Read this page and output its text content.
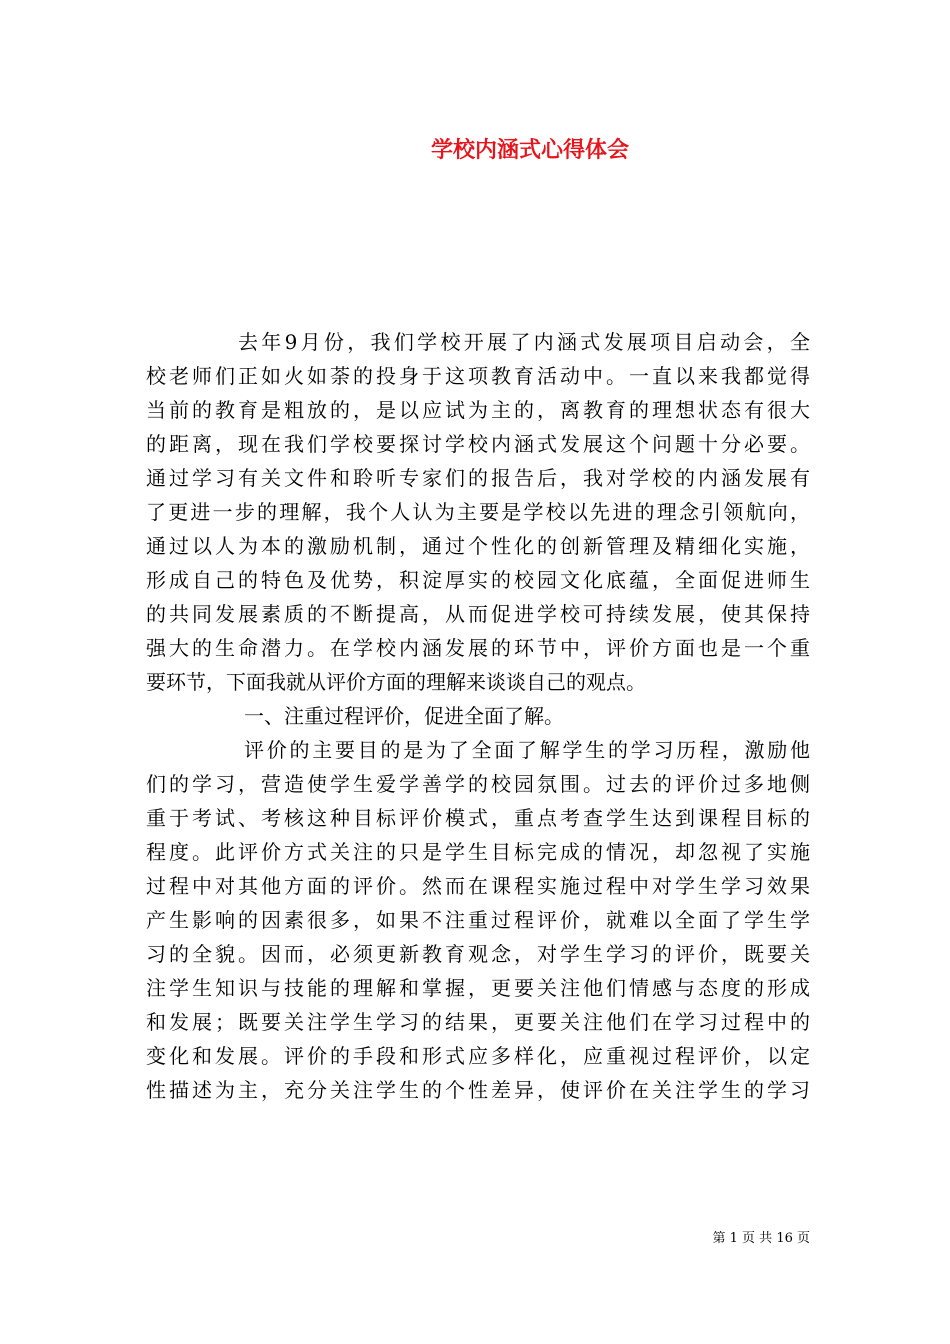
学校内涵式心得体会
去年9月份，我们学校开展了内涵式发展项目启动会，全
校老师们正如火如荼的投身于这项教育活动中。一直以来我都觉得
当前的教育是粗放的，是以应试为主的，离教育的理想状态有很大
的距离，现在我们学校要探讨学校内涵式发展这个问题十分必要。
通过学习有关文件和聆听专家们的报告后，我对学校的内涵发展有
了更进一步的理解，我个人认为主要是学校以先进的理念引领航向，
通过以人为本的激励机制，通过个性化的创新管理及精细化实施，
形成自己的特色及优势，积淀厚实的校园文化底蕴，全面促进师生
的共同发展素质的不断提高，从而促进学校可持续发展，使其保持
强大的生命潜力。在学校内涵发展的环节中，评价方面也是一个重
要环节，下面我就从评价方面的理解来谈谈自己的观点。
一、注重过程评价，促进全面了解。
评价的主要目的是为了全面了解学生的学习历程，激励他
们的学习，营造使学生爱学善学的校园氛围。过去的评价过多地侧
重于考试、考核这种目标评价模式，重点考查学生达到课程目标的
程度。此评价方式关注的只是学生目标完成的情况，却忽视了实施
过程中对其他方面的评价。然而在课程实施过程中对学生学习效果
产生影响的因素很多，如果不注重过程评价，就难以全面了学生学
习的全貌。因而，必须更新教育观念，对学生学习的评价，既要关
注学生知识与技能的理解和掌握，更要关注他们情感与态度的形成
和发展；既要关注学生学习的结果，更要关注他们在学习过程中的
变化和发展。评价的手段和形式应多样化，应重视过程评价，以定
性描述为主，充分关注学生的个性差异，使评价在关注学生的学习
第 1 页 共 16 页
